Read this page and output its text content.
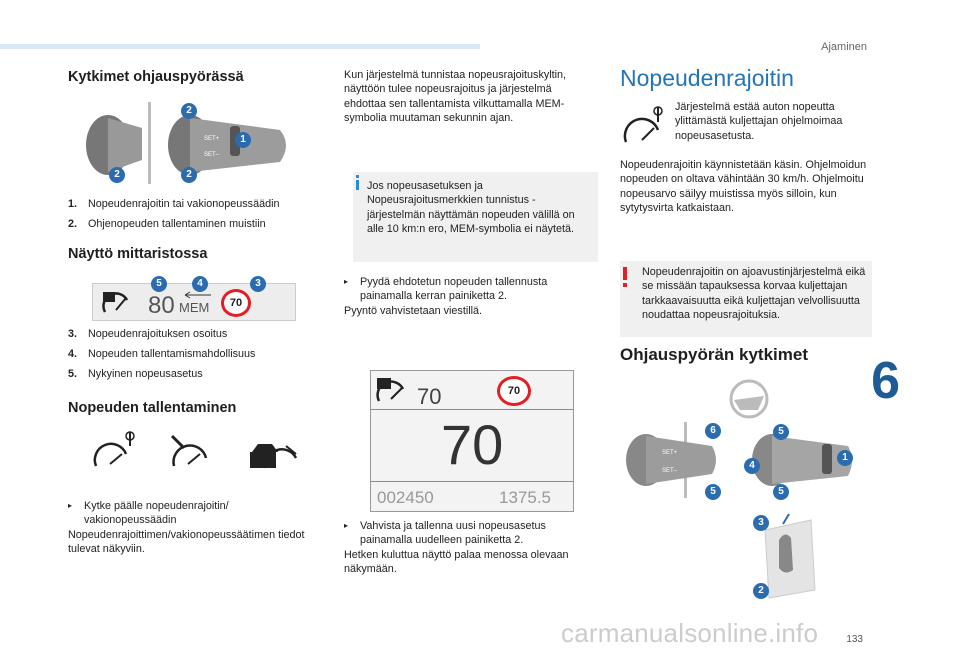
Ajaminen
6
133
carmanualsonline.info
Kytkimet ohjauspyörässä
SET+
SET–
2
1
2	2
1.	Nopeudenrajoitin tai vakionopeussäädin
2.	Ohjenopeuden tallentaminen muistiin
Näyttö mittaristossa
80 MEM	70
5	4	3
3.	Nopeudenrajoituksen osoitus
4.	Nopeuden tallentamismahdollisuus
5.	Nykyinen nopeusasetus
Nopeuden tallentaminen
▸	Kytke päälle nopeudenrajoitin/ vakionopeussäädin
Nopeudenrajoittimen/vakionopeussäätimen tiedot tulevat näkyviin.
Kun järjestelmä tunnistaa nopeusrajoituskyltin, näyttöön tulee nopeusrajoitus ja järjestelmä ehdottaa sen tallentamista vilkuttamalla MEM-symbolia muutaman sekunnin ajan.
Jos nopeusasetuksen ja Nopeusrajoitusmerkkien tunnistus -järjestelmän näyttämän nopeuden välillä on alle 10 km:n ero, MEM-symbolia ei näytetä.
▸	Pyydä ehdotetun nopeuden tallennusta painamalla kerran painiketta 2.
Pyyntö vahvistetaan viestillä.
70	70
70
002450	1375.5
▸	Vahvista ja tallenna uusi nopeusasetus painamalla uudelleen painiketta 2.
Hetken kuluttua näyttö palaa menossa olevaan näkymään.
Nopeudenrajoitin
Järjestelmä estää auton nopeutta ylittämästä kuljettajan ohjelmoimaa nopeusasetusta.
Nopeudenrajoitin käynnistetään käsin. Ohjelmoidun nopeuden on oltava vähintään 30 km/h. Ohjelmoitu nopeusarvo säilyy muistissa myös silloin, kun sytytysvirta katkaistaan.
Nopeudenrajoitin on ajoavustinjärjestelmä eikä se missään tapauksessa korvaa kuljettajan tarkkaavaisuutta eikä kuljettajan velvollisuutta noudattaa nopeusrajoituksia.
Ohjauspyörän kytkimet
SET+
SET–
6	5
4
1
5	5
3
2
